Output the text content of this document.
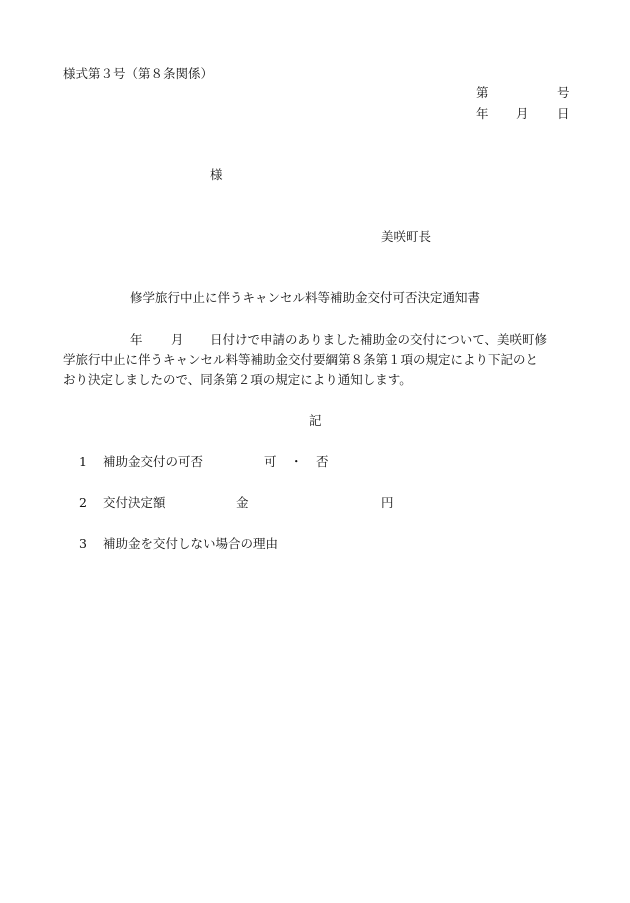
様式第３号（第８条関係）
第	号
年 月 日
様
美咲町長
修学旅行中止に伴うキャンセル料等補助金交付可否決定通知書
年 月 日付けで申請のありました補助金の交付について、美咲町修
学旅行中止に伴うキャンセル料等補助金交付要綱第８条第１項の規定により下記のと
おり決定しましたので、同条第２項の規定により通知します。
記
1 補助金交付の可否	可 ・ 否
2 交付決定額	金	円
3 補助金を交付しない場合の理由
